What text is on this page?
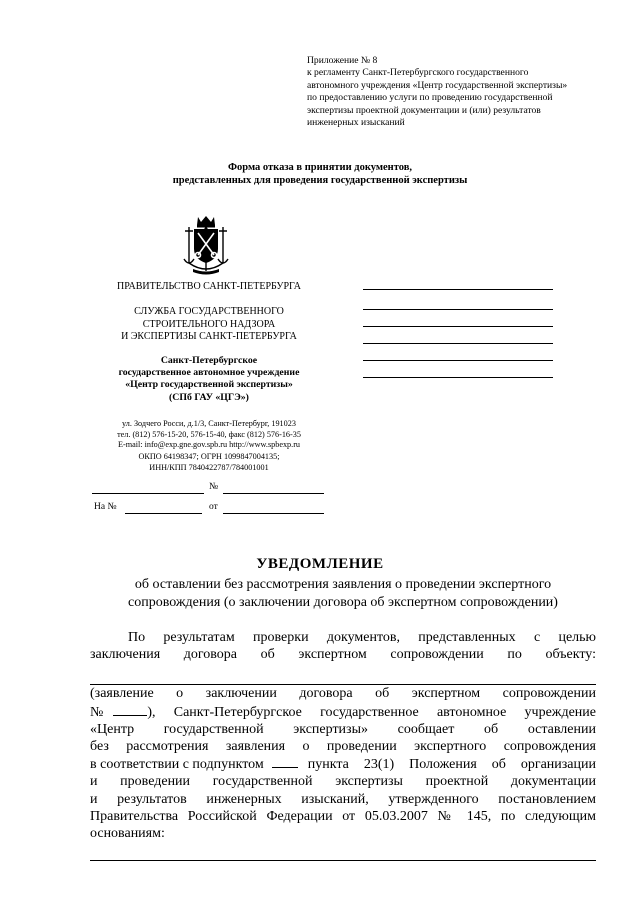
Приложение № 8
к регламенту Санкт-Петербургского государственного
автономного учреждения «Центр государственной экспертизы»
по предоставлению услуги по проведению государственной
экспертизы проектной документации и (или) результатов
инженерных изысканий
Форма отказа в принятии документов,
представленных для проведения государственной экспертизы
ПРАВИТЕЛЬСТВО САНКТ-ПЕТЕРБУРГА
СЛУЖБА ГОСУДАРСТВЕННОГО
СТРОИТЕЛЬНОГО НАДЗОРА
И ЭКСПЕРТИЗЫ САНКТ-ПЕТЕРБУРГА
Санкт-Петербургское
государственное автономное учреждение
«Центр государственной экспертизы»
(СПб ГАУ «ЦГЭ»)
ул. Зодчего Росси, д.1/3, Санкт-Петербург, 191023
тел. (812) 576-15-20, 576-15-40, факс (812) 576-16-35
E-mail: info@exp.gne.gov.spb.ru http://www.spbexp.ru
ОКПО 64198347; ОГРН 1099847004135;
ИНН/КПП 7840422787/784001001
№
На №	от
УВЕДОМЛЕНИЕ
об оставлении без рассмотрения заявления о проведении экспертного
сопровождения (о заключении договора об экспертном сопровождении)
По результатам проверки документов, представленных с целью
заключения договора об экспертном сопровождении по объекту:
(заявление о заключении договора об экспертном сопровождении
№	), Санкт-Петербургское государственное автономное учреждение
«Центр государственной экспертизы» сообщает об оставлении
без рассмотрения заявления о проведении экспертного сопровождения
в соответствии с подпунктом	пункта 23(1) Положения об организации
и проведении государственной экспертизы проектной документации
и результатов инженерных изысканий, утвержденного постановлением
Правительства Российской Федерации от 05.03.2007 № 145, по следующим
основаниям:
